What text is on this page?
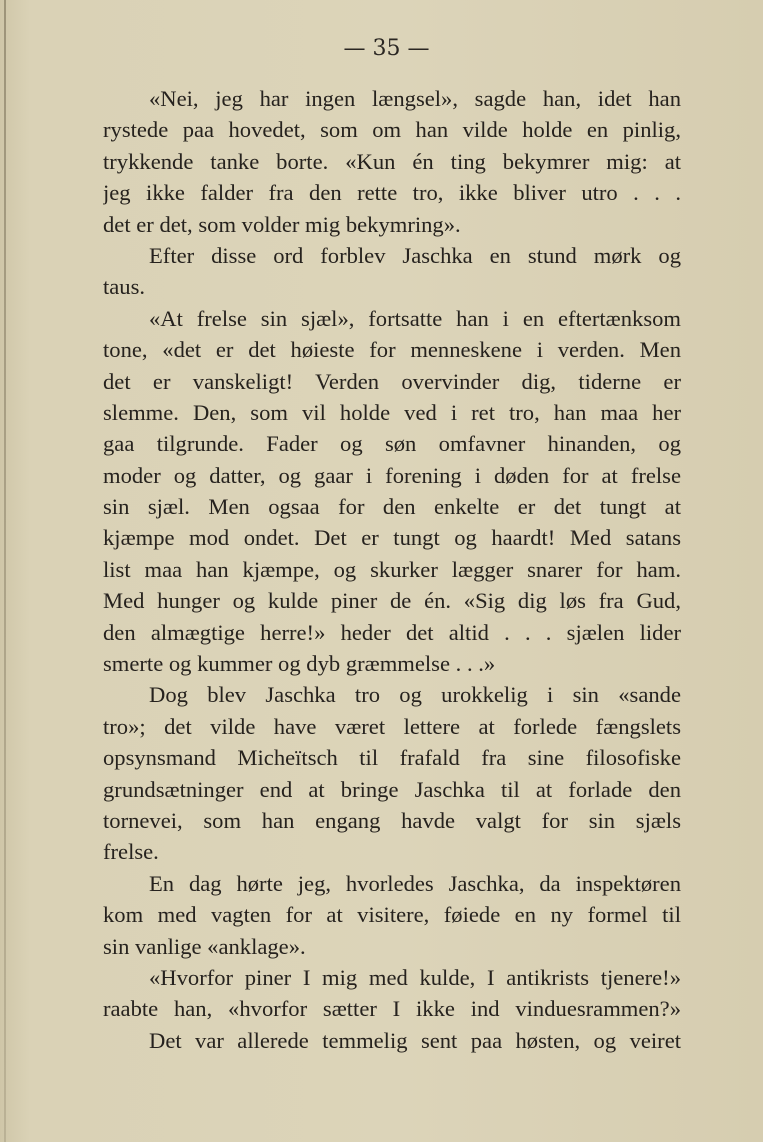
— 35 —

«Nei, jeg har ingen længsel», sagde han, idet han
rystede paa hovedet, som om han vilde holde en pinlig,
trykkende tanke borte. «Kun én ting bekymrer mig: at
jeg ikke falder fra den rette tro, ikke bliver utro . . .
det er det, som volder mig bekymring».
Efter disse ord forblev Jaschka en stund mørk og
taus.
«At frelse sin sjæl», fortsatte han i en eftertænksom
tone, «det er det høieste for menneskene i verden. Men
det er vanskeligt! Verden overvinder dig, tiderne er
slemme. Den, som vil holde ved i ret tro, han maa her
gaa tilgrunde. Fader og søn omfavner hinanden, og
moder og datter, og gaar i forening i døden for at frelse
sin sjæl. Men ogsaa for den enkelte er det tungt at
kjæmpe mod ondet. Det er tungt og haardt! Med satans
list maa han kjæmpe, og skurker lægger snarer for ham.
Med hunger og kulde piner de én. «Sig dig løs fra Gud,
den almægtige herre!» heder det altid . . . sjælen lider
smerte og kummer og dyb græmmelse . . .»
Dog blev Jaschka tro og urokkelig i sin «sande
tro»; det vilde have været lettere at forlede fængslets
opsynsmand Micheïtsch til frafald fra sine filosofiske
grundsætninger end at bringe Jaschka til at forlade den
tornevei, som han engang havde valgt for sin sjæls
frelse.
En dag hørte jeg, hvorledes Jaschka, da inspektøren
kom med vagten for at visitere, føiede en ny formel til
sin vanlige «anklage».
«Hvorfor piner I mig med kulde, I antikrists tjenere!»
raabte han, «hvorfor sætter I ikke ind vinduesrammen?»
Det var allerede temmelig sent paa høsten, og veiret
